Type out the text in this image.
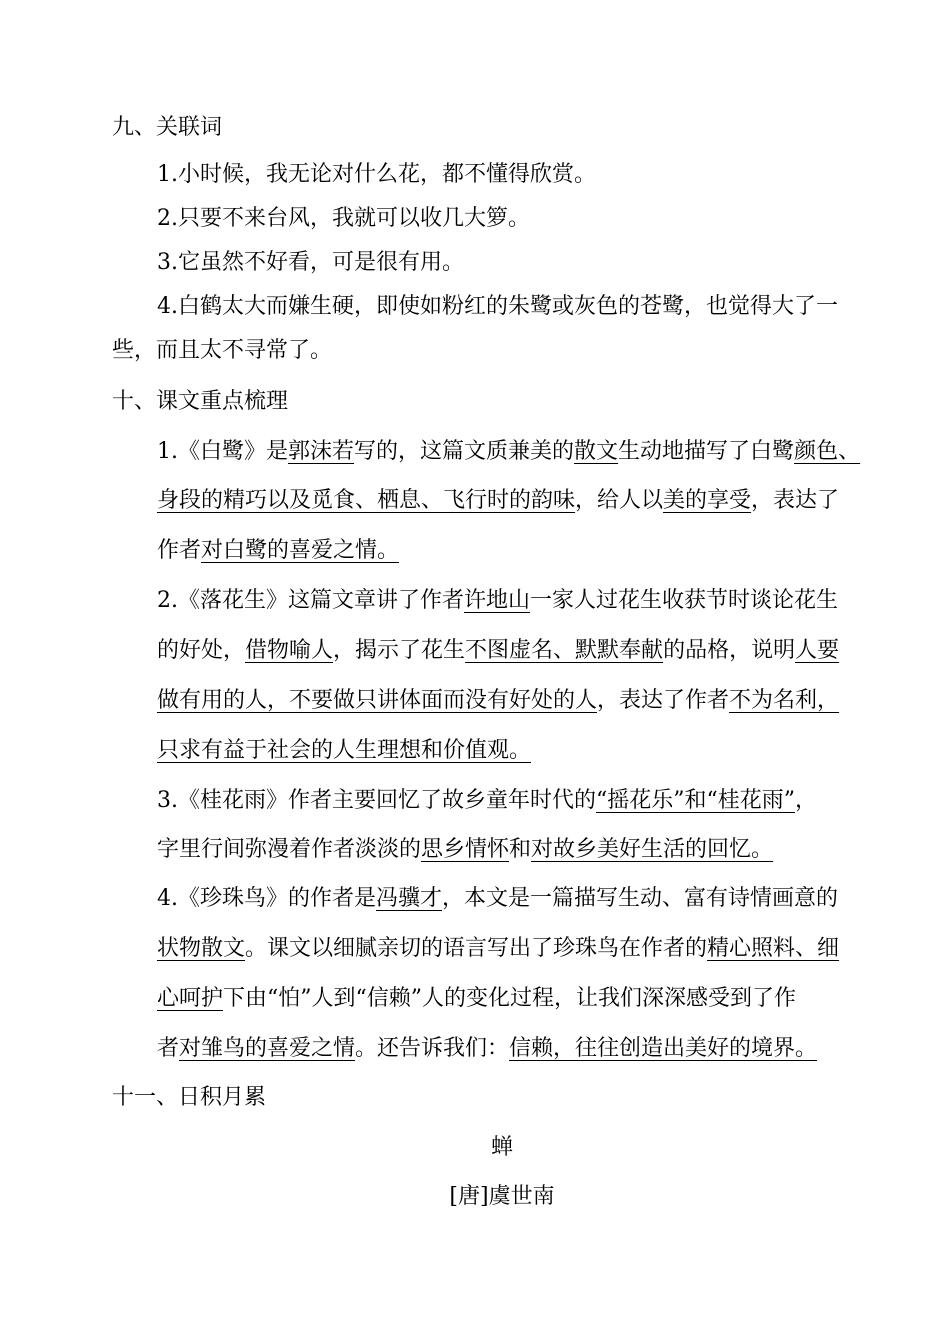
九、关联词
1.小时候，我无论对什么花，都不懂得欣赏。
2.只要不来台风，我就可以收几大箩。
3.它虽然不好看，可是很有用。
4.白鹤太大而嫌生硬，即使如粉红的朱鹭或灰色的苍鹭，也觉得大了一
些，而且太不寻常了。
十、课文重点梳理
1.《白鹭》是郭沫若写的，这篇文质兼美的散文生动地描写了白鹭颜色、
身段的精巧以及觅食、栖息、飞行时的韵味，给人以美的享受，表达了
作者对白鹭的喜爱之情。
2.《落花生》这篇文章讲了作者许地山一家人过花生收获节时谈论花生
的好处，借物喻人，揭示了花生不图虚名、默默奉献的品格，说明人要
做有用的人，不要做只讲体面而没有好处的人，表达了作者不为名利，
只求有益于社会的人生理想和价值观。
3.《桂花雨》作者主要回忆了故乡童年时代的“摇花乐”和“桂花雨”，
字里行间弥漫着作者淡淡的思乡情怀和对故乡美好生活的回忆。
4.《珍珠鸟》的作者是冯骥才，本文是一篇描写生动、富有诗情画意的
状物散文。课文以细腻亲切的语言写出了珍珠鸟在作者的精心照料、细
心呵护下由“怕”人到“信赖”人的变化过程，让我们深深感受到了作
者对雏鸟的喜爱之情。还告诉我们：信赖，往往创造出美好的境界。
十一、日积月累
蝉
[唐]虞世南
